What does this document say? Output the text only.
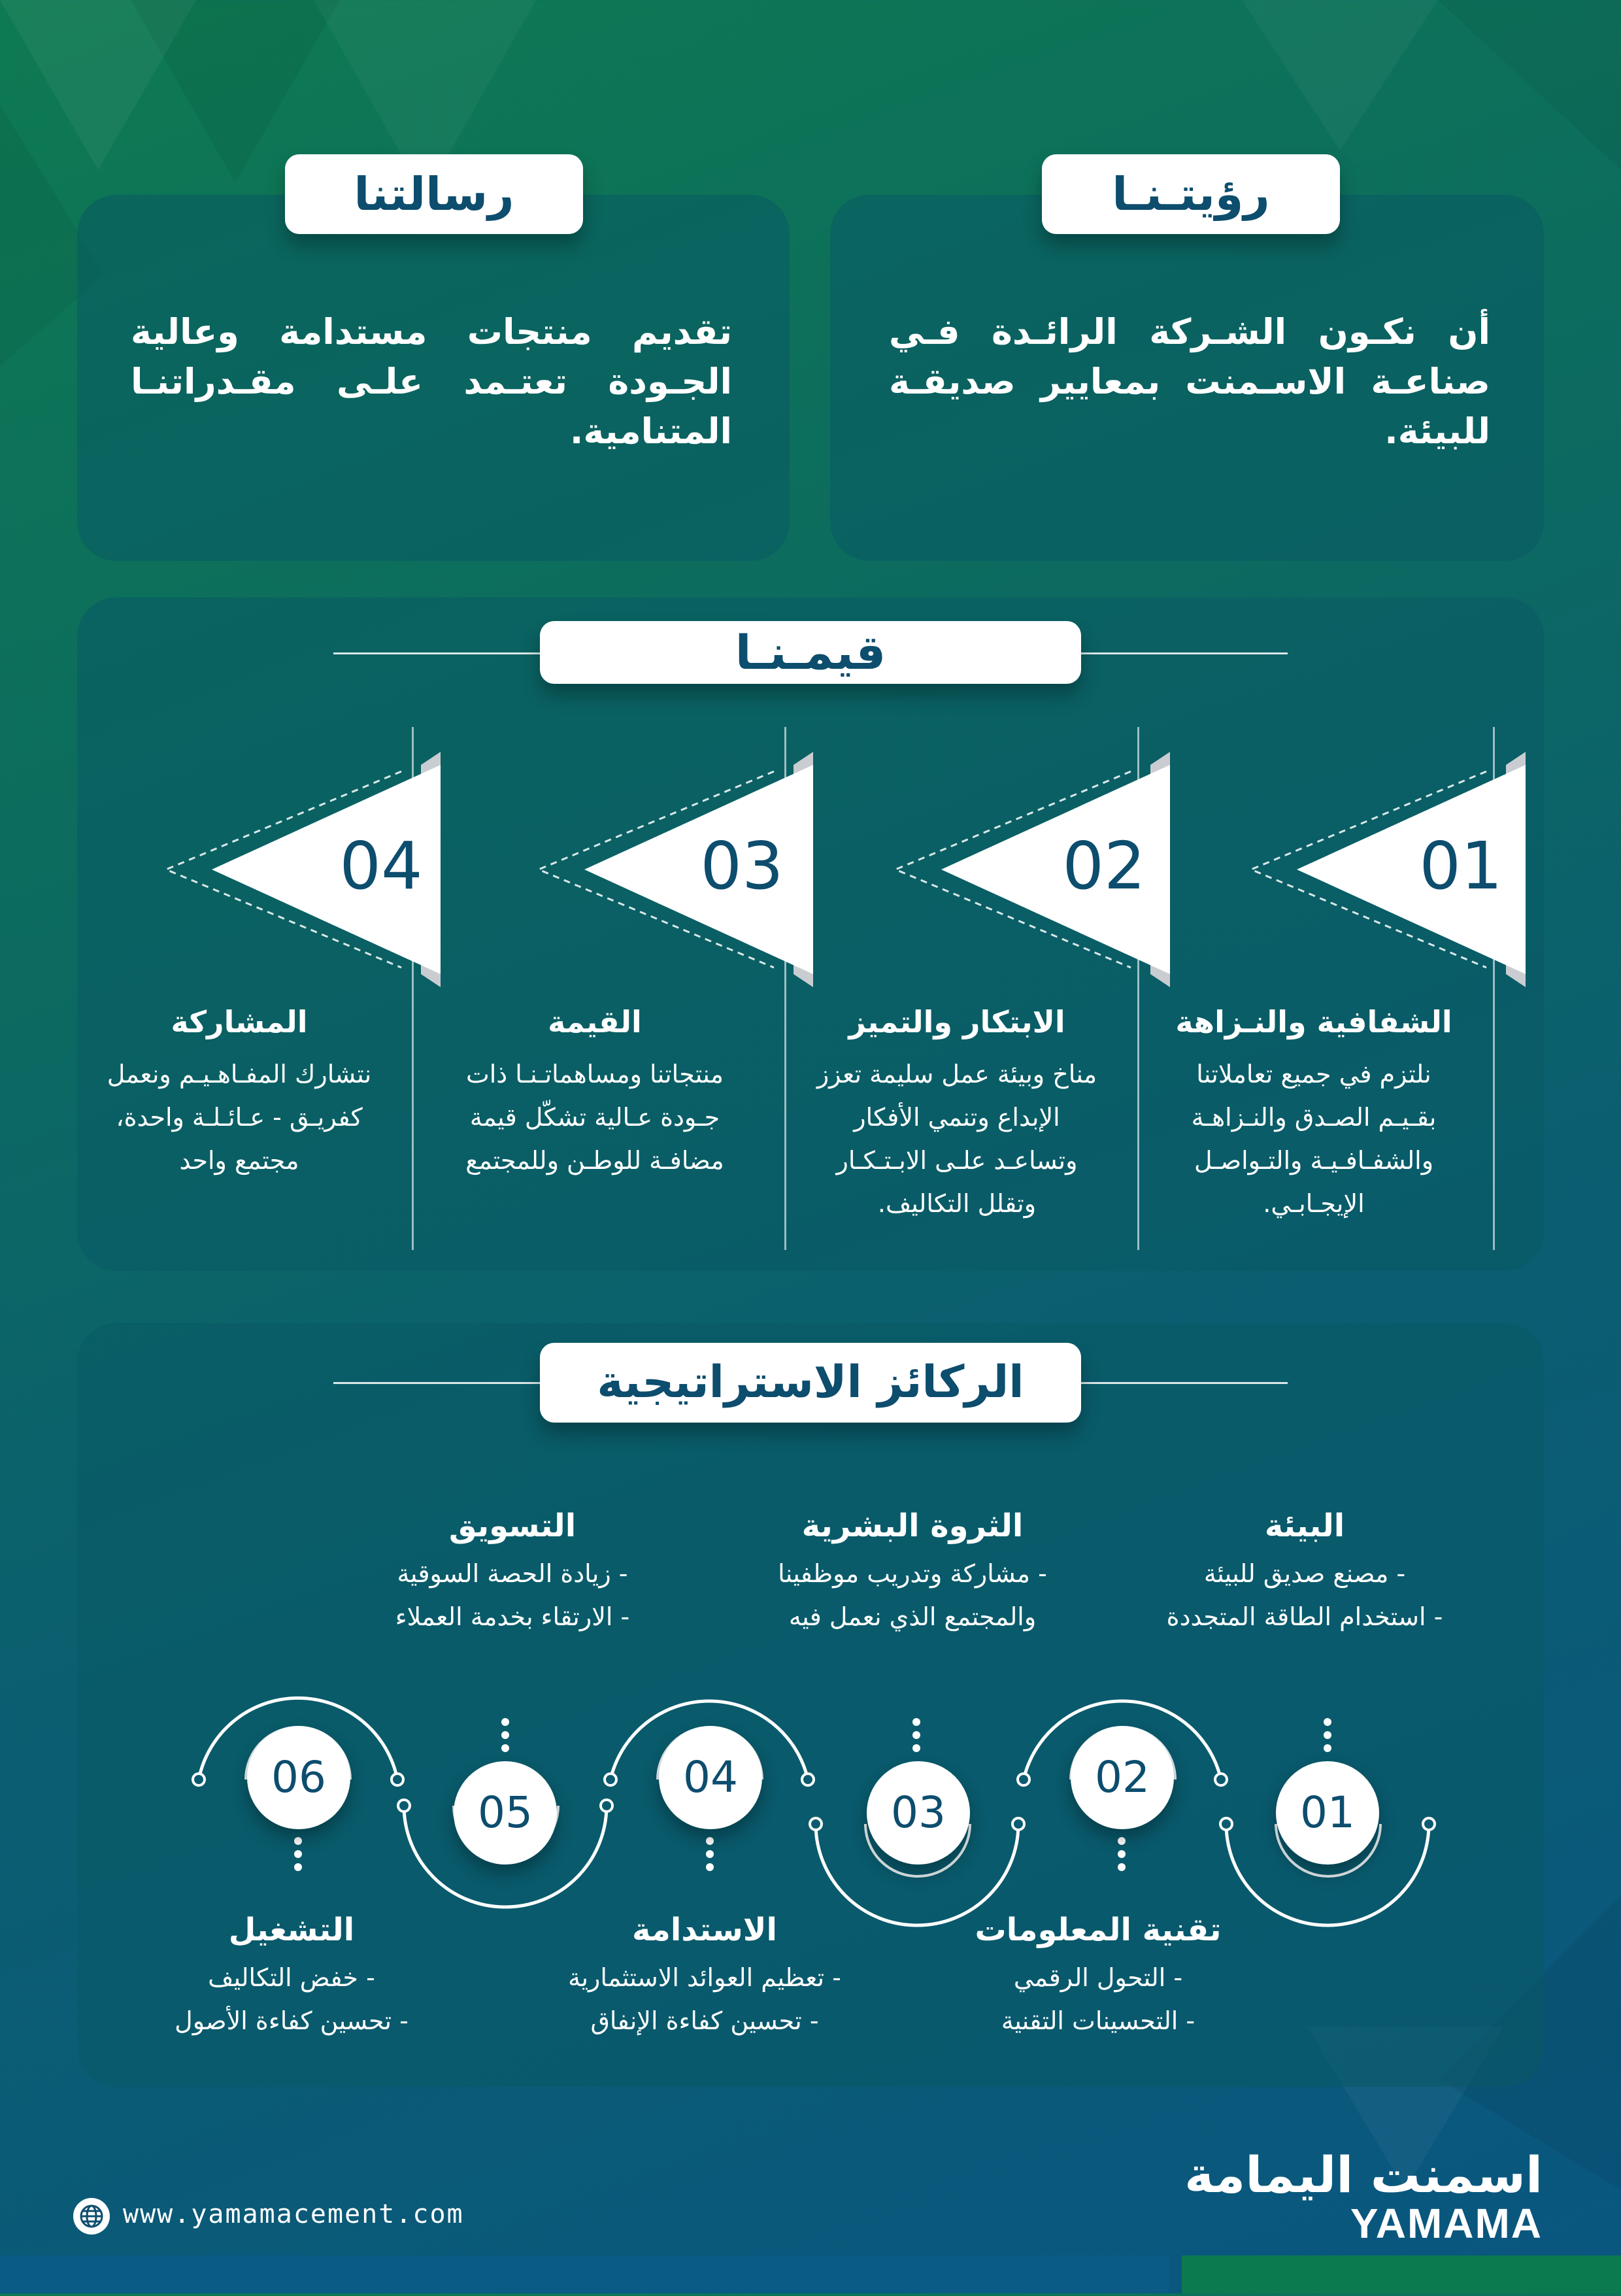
رسالتنا	رؤيتـنـا
تقديم منتجات مستدامة وعالية الجـودة تعتـمد علـى مقـدراتنـا المتنامية.
أن نكـون الشـركة الرائـدة فـي صناعـة الاسـمنت بمعايير صديقـة للبيئة.
قيمـنـا
01
02
03
04
الشفافية والنـزاهة
نلتزم في جميع تعاملاتنا بقـيـم الصـدق والنـزاهـة والشفـافـيـة والتـواصـل الإيجـابـي.
الابتكار والتميز
مناخ وبيئة عمل سليمة تعزز الإبداع وتنمي الأفكار وتساعـد علـى الابـتـكـار وتقلل التكاليف.
القيمة
منتجاتنا ومساهماتـنـا ذات جـودة عـالية تشكّل قيمة مضافـة للوطـن وللمجتمع
المشاركة
نتشارك المفـاهـيـم ونعمل كفريـق - عـائـلـة واحدة، مجتمع واحد
الركائز الاستراتيجية
البيئة
- مصنع صديق للبيئة
- استخدام الطاقة المتجددة
الثروة البشرية
- مشاركة وتدريب موظفينا
والمجتمع الذي نعمل فيه
التسويق
- زيادة الحصة السوقية
- الارتقاء بخدمة العملاء
01
02
03
04
05
06
تقنية المعلومات
- التحول الرقمي
- التحسينات التقنية
الاستدامة
- تعظيم العوائد الاستثمارية
- تحسين كفاءة الإنفاق
التشغيل
- خفض التكاليف
- تحسين كفاءة الأصول
www.yamamacement.com
اسمنت اليمامة
YAMAMA
